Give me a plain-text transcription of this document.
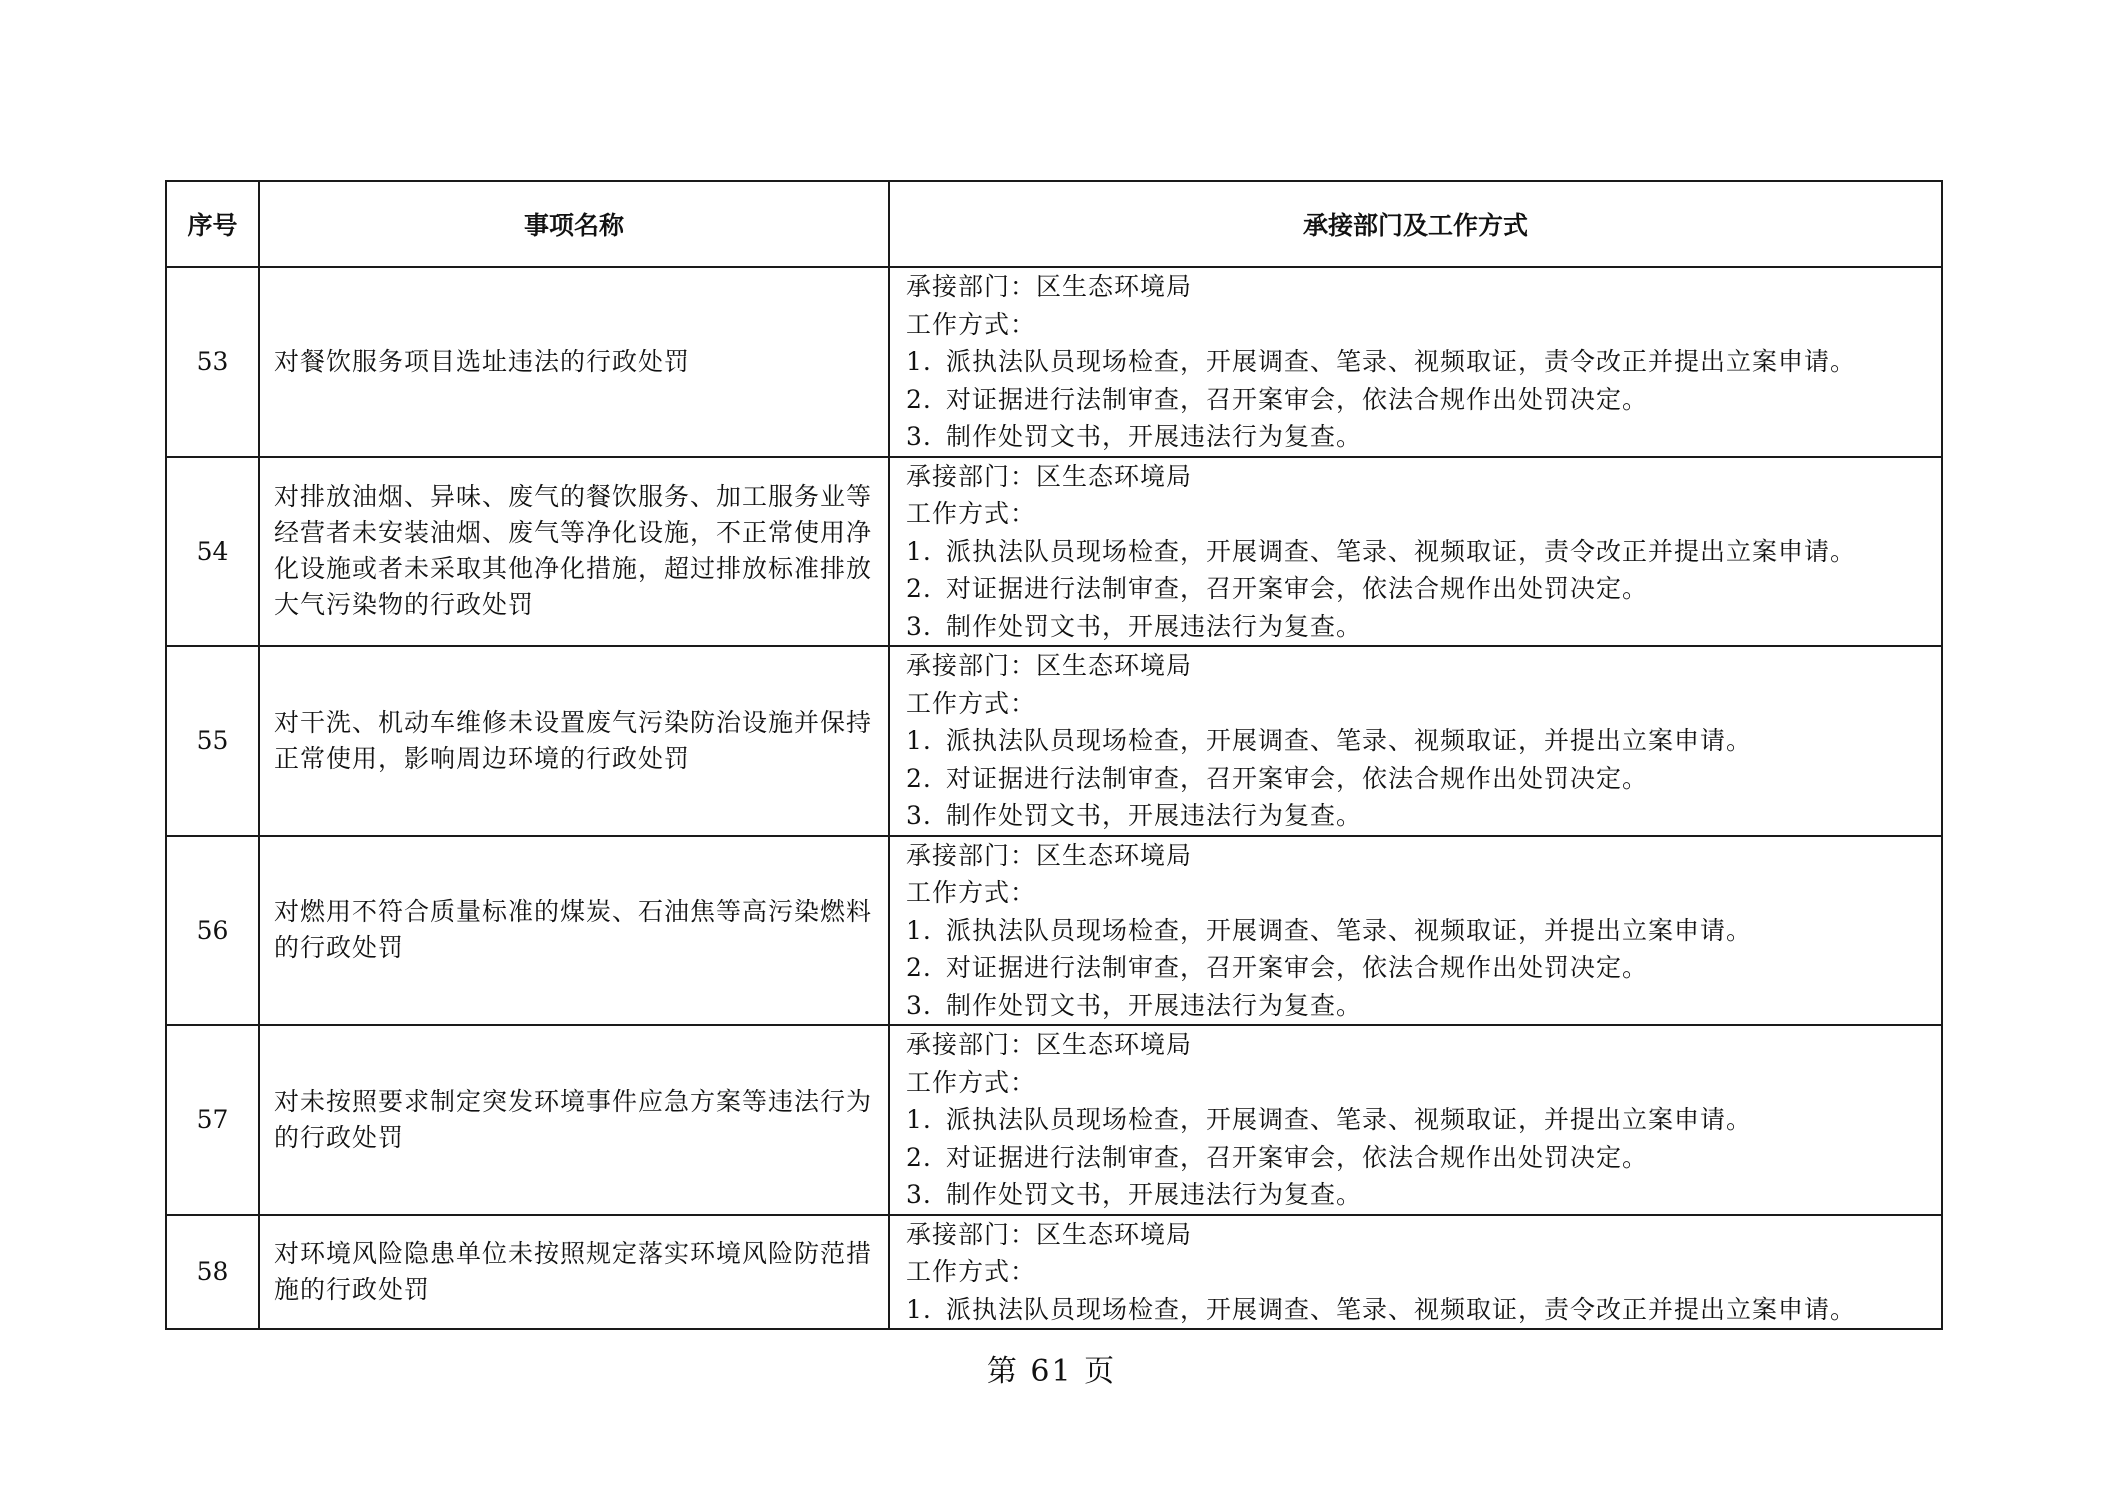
序号	事项名称	承接部门及工作方式
53	对餐饮服务项目选址违法的行政处罚	承接部门：区生态环境局
工作方式：
1. 派执法队员现场检查，开展调查、笔录、视频取证，责令改正并提出立案申请。
2. 对证据进行法制审查，召开案审会，依法合规作出处罚决定。
3. 制作处罚文书，开展违法行为复查。

54	对排放油烟、异味、废气的餐饮服务、加工服务业等经营者未安装油烟、废气等净化设施，不正常使用净化设施或者未采取其他净化措施，超过排放标准排放大气污染物的行政处罚	承接部门：区生态环境局
工作方式：
1. 派执法队员现场检查，开展调查、笔录、视频取证，责令改正并提出立案申请。
2. 对证据进行法制审查，召开案审会，依法合规作出处罚决定。
3. 制作处罚文书，开展违法行为复查。

55	对干洗、机动车维修未设置废气污染防治设施并保持正常使用，影响周边环境的行政处罚	承接部门：区生态环境局
工作方式：
1. 派执法队员现场检查，开展调查、笔录、视频取证，并提出立案申请。
2. 对证据进行法制审查，召开案审会，依法合规作出处罚决定。
3. 制作处罚文书，开展违法行为复查。

56	对燃用不符合质量标准的煤炭、石油焦等高污染燃料的行政处罚	承接部门：区生态环境局
工作方式：
1. 派执法队员现场检查，开展调查、笔录、视频取证，并提出立案申请。
2. 对证据进行法制审查，召开案审会，依法合规作出处罚决定。
3. 制作处罚文书，开展违法行为复查。

57	对未按照要求制定突发环境事件应急方案等违法行为的行政处罚	承接部门：区生态环境局
工作方式：
1. 派执法队员现场检查，开展调查、笔录、视频取证，并提出立案申请。
2. 对证据进行法制审查，召开案审会，依法合规作出处罚决定。
3. 制作处罚文书，开展违法行为复查。

58	对环境风险隐患单位未按照规定落实环境风险防范措施的行政处罚	承接部门：区生态环境局
工作方式：
1. 派执法队员现场检查，开展调查、笔录、视频取证，责令改正并提出立案申请。
第 61 页
